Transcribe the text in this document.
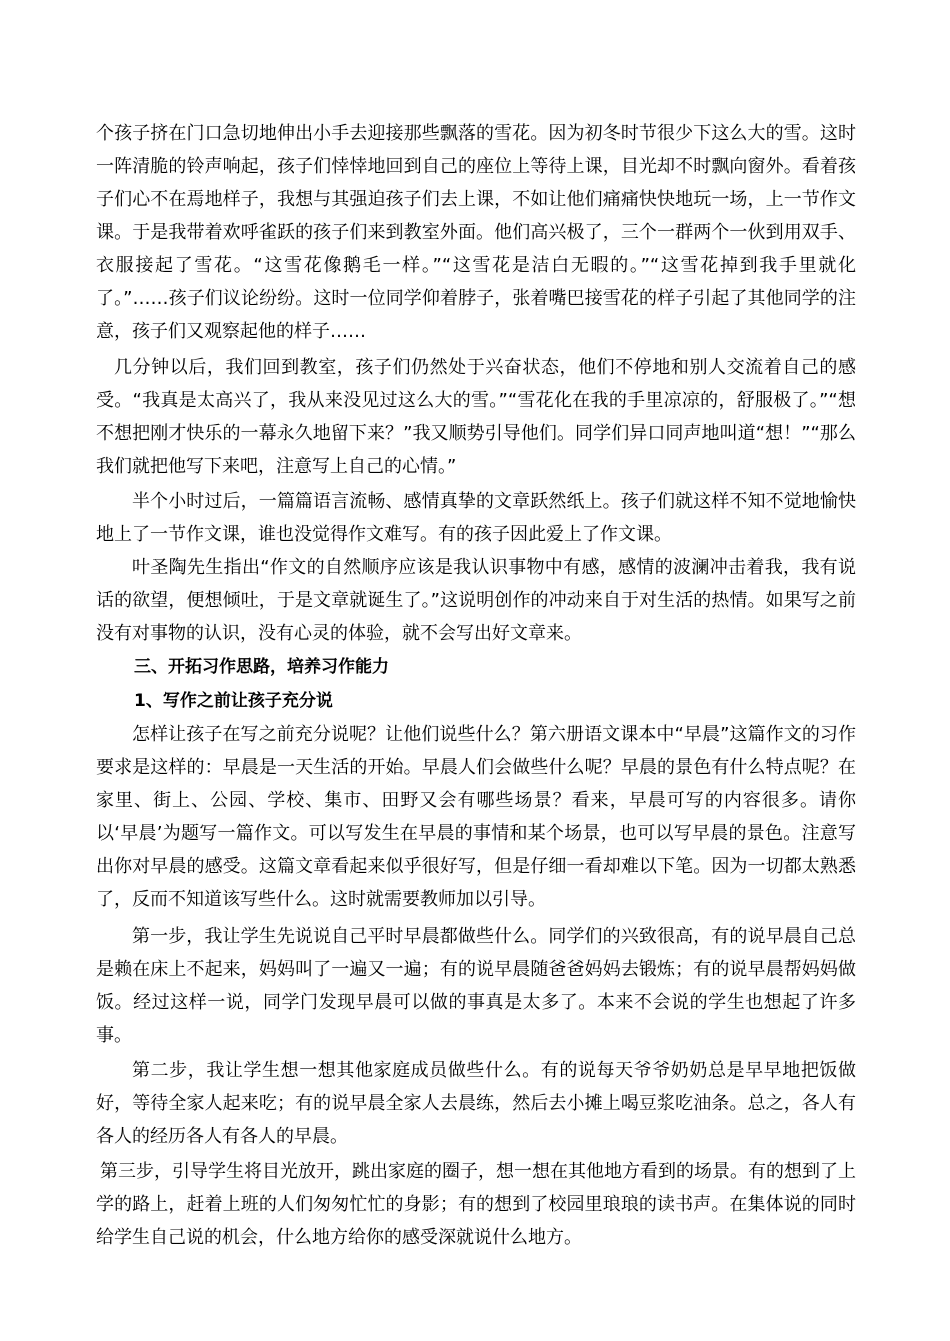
个孩子挤在门口急切地伸出小手去迎接那些飘落的雪花。因为初冬时节很少下这么大的雪。这时一阵清脆的铃声响起，孩子们悻悻地回到自己的座位上等待上课，目光却不时飘向窗外。看着孩子们心不在焉地样子，我想与其强迫孩子们去上课，不如让他们痛痛快快地玩一场，上一节作文课。于是我带着欢呼雀跃的孩子们来到教室外面。他们高兴极了，三个一群两个一伙到用双手、衣服接起了雪花。“这雪花像鹅毛一样。”“这雪花是洁白无暇的。”“这雪花掉到我手里就化了。”……孩子们议论纷纷。这时一位同学仰着脖子，张着嘴巴接雪花的样子引起了其他同学的注意，孩子们又观察起他的样子……

几分钟以后，我们回到教室，孩子们仍然处于兴奋状态，他们不停地和别人交流着自己的感受。“我真是太高兴了，我从来没见过这么大的雪。”“雪花化在我的手里凉凉的，舒服极了。”“想不想把刚才快乐的一幕永久地留下来？”我又顺势引导他们。同学们异口同声地叫道“想！”“那么我们就把他写下来吧，注意写上自己的心情。”

半个小时过后，一篇篇语言流畅、感情真挚的文章跃然纸上。孩子们就这样不知不觉地愉快地上了一节作文课，谁也没觉得作文难写。有的孩子因此爱上了作文课。

叶圣陶先生指出“作文的自然顺序应该是我认识事物中有感，感情的波澜冲击着我，我有说话的欲望，便想倾吐，于是文章就诞生了。”这说明创作的冲动来自于对生活的热情。如果写之前没有对事物的认识，没有心灵的体验，就不会写出好文章来。

三、开拓习作思路，培养习作能力
1、写作之前让孩子充分说

怎样让孩子在写之前充分说呢？让他们说些什么？第六册语文课本中“早晨”这篇作文的习作要求是这样的：早晨是一天生活的开始。早晨人们会做些什么呢？早晨的景色有什么特点呢？在家里、街上、公园、学校、集市、田野又会有哪些场景？看来，早晨可写的内容很多。请你以‘早晨’为题写一篇作文。可以写发生在早晨的事情和某个场景，也可以写早晨的景色。注意写出你对早晨的感受。这篇文章看起来似乎很好写，但是仔细一看却难以下笔。因为一切都太熟悉了，反而不知道该写些什么。这时就需要教师加以引导。

第一步，我让学生先说说自己平时早晨都做些什么。同学们的兴致很高，有的说早晨自己总是赖在床上不起来，妈妈叫了一遍又一遍；有的说早晨随爸爸妈妈去锻炼；有的说早晨帮妈妈做饭。经过这样一说，同学门发现早晨可以做的事真是太多了。本来不会说的学生也想起了许多事。

第二步，我让学生想一想其他家庭成员做些什么。有的说每天爷爷奶奶总是早早地把饭做好，等待全家人起来吃；有的说早晨全家人去晨练，然后去小摊上喝豆浆吃油条。总之，各人有各人的经历各人有各人的早晨。

第三步，引导学生将目光放开，跳出家庭的圈子，想一想在其他地方看到的场景。有的想到了上学的路上，赶着上班的人们匆匆忙忙的身影；有的想到了校园里琅琅的读书声。在集体说的同时给学生自己说的机会，什么地方给你的感受深就说什么地方。
